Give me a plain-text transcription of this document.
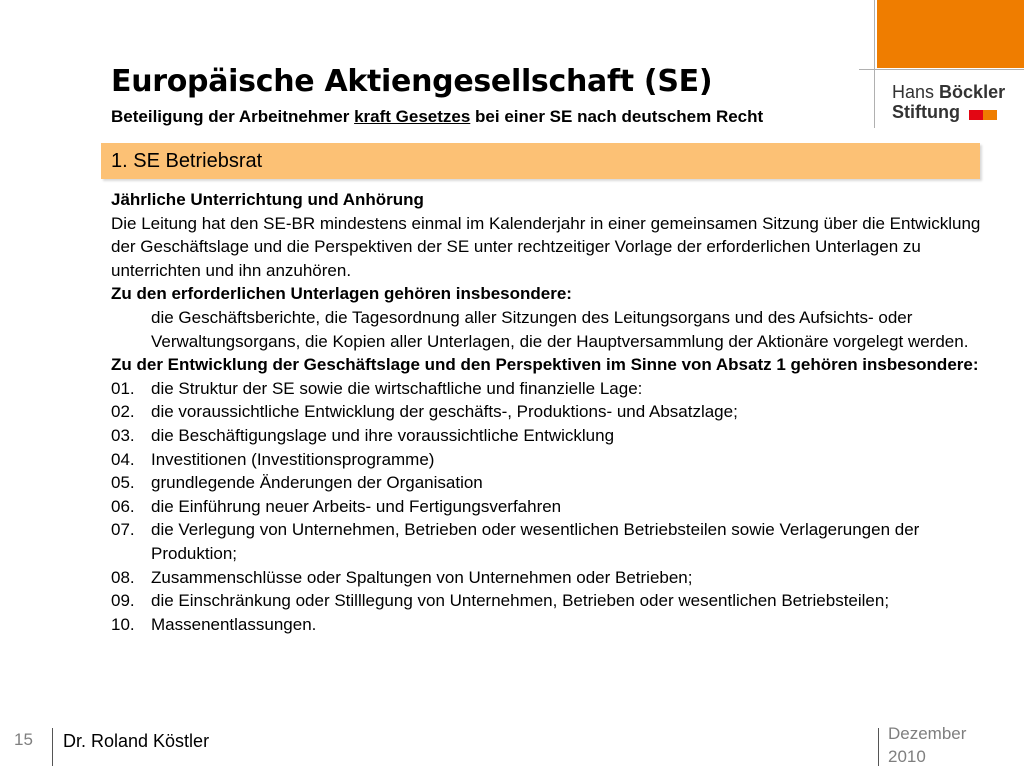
Hans Böckler
Stiftung
Europäische Aktiengesellschaft (SE)
Beteiligung der Arbeitnehmer kraft Gesetzes bei einer SE nach deutschem Recht
1. SE Betriebsrat

Jährliche Unterrichtung und Anhörung

Die Leitung hat den SE-BR mindestens einmal im Kalenderjahr in einer gemeinsamen Sitzung über die Entwicklung der Geschäftslage und die Perspektiven der SE unter rechtzeitiger Vorlage der erforderlichen Unterlagen zu unterrichten und ihn anzuhören.

Zu den erforderlichen Unterlagen gehören insbesondere:

die Geschäftsberichte, die Tagesordnung aller Sitzungen des Leitungsorgans und des Aufsichts- oder Verwaltungsorgans, die Kopien aller Unterlagen, die der Hauptversammlung der Aktionäre vorgelegt werden.

Zu der Entwicklung der Geschäftslage und den Perspektiven im Sinne von Absatz 1 gehören insbesondere:

01. die Struktur der SE sowie die wirtschaftliche und finanzielle Lage:
02. die voraussichtliche Entwicklung der geschäfts-, Produktions- und Absatzlage;
03. die Beschäftigungslage und ihre voraussichtliche Entwicklung
04. Investitionen (Investitionsprogramme)
05. grundlegende Änderungen der Organisation
06. die Einführung neuer Arbeits- und Fertigungsverfahren
07. die Verlegung von Unternehmen, Betrieben oder wesentlichen Betriebsteilen sowie Verlagerungen der Produktion;
08. Zusammenschlüsse oder Spaltungen von Unternehmen oder Betrieben;
09. die Einschränkung oder Stilllegung von Unternehmen, Betrieben oder wesentlichen Betriebsteilen;
10. Massenentlassungen.
15 Dr. Roland Köstler	Dezember
2010
